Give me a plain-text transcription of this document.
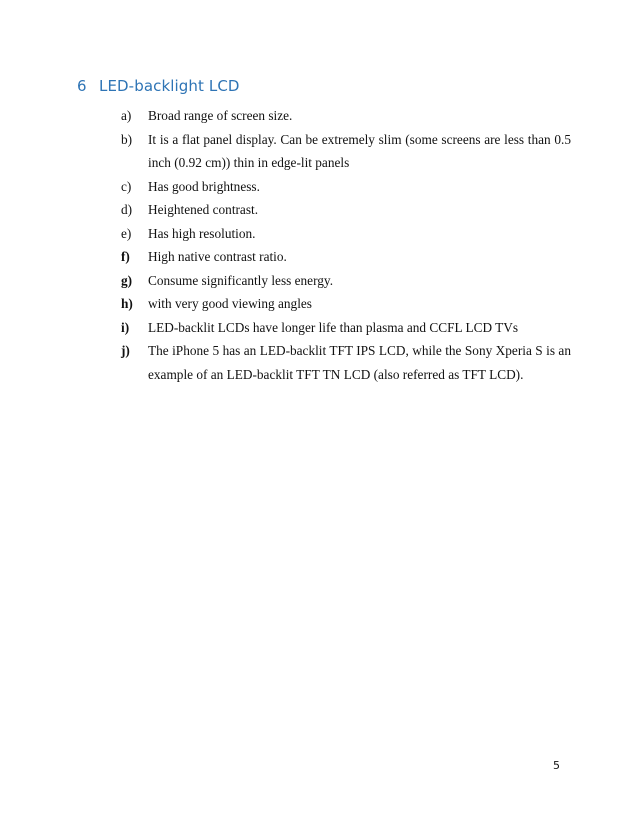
6 LED-backlight LCD
a) Broad range of screen size.
b) It is a flat panel display. Can be extremely slim (some screens are less than 0.5 inch (0.92 cm)) thin in edge-lit panels
c) Has good brightness.
d) Heightened contrast.
e) Has high resolution.
f) High native contrast ratio.
g) Consume significantly less energy.
h) with very good viewing angles
i) LED-backlit LCDs have longer life than plasma and CCFL LCD TVs
j) The iPhone 5 has an LED-backlit TFT IPS LCD, while the Sony Xperia S is an example of an LED-backlit TFT TN LCD (also referred as TFT LCD).
5
